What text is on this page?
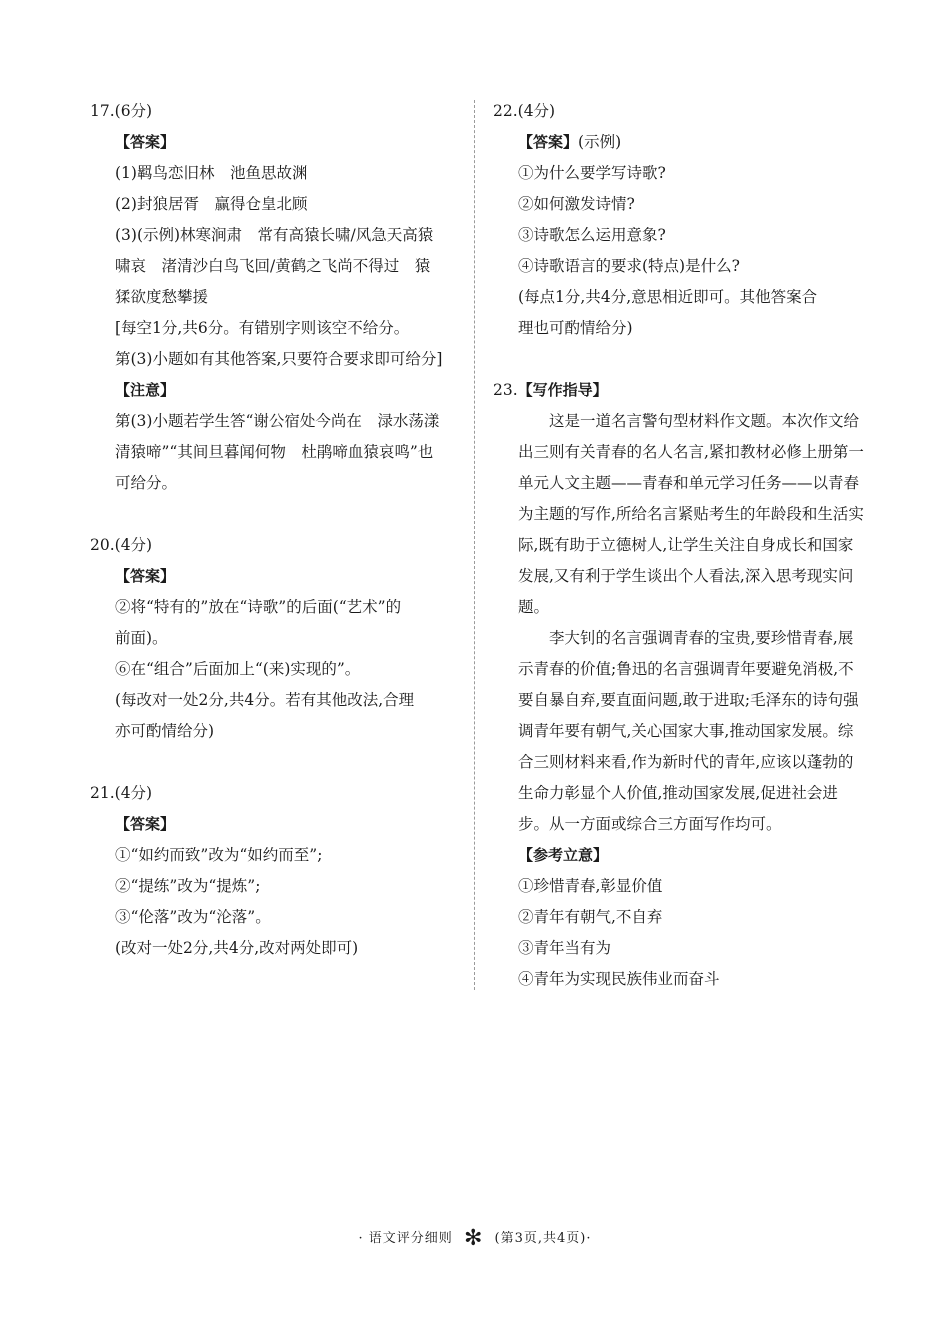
17.(6分)
【答案】
(1)羁鸟恋旧林　池鱼思故渊
(2)封狼居胥　赢得仓皇北顾
(3)(示例)林寒涧肃　常有高猿长啸/风急天高猿
啸哀　渚清沙白鸟飞回/黄鹤之飞尚不得过　猿
猱欲度愁攀援
[每空1分,共6分。有错别字则该空不给分。
第(3)小题如有其他答案,只要符合要求即可给分]
【注意】
第(3)小题若学生答“谢公宿处今尚在　渌水荡漾
清猿啼”“其间旦暮闻何物　杜鹃啼血猿哀鸣”也
可给分。
20.(4分)
【答案】
②将“特有的”放在“诗歌”的后面(“艺术”的
前面)。
⑥在“组合”后面加上“(来)实现的”。
(每改对一处2分,共4分。若有其他改法,合理
亦可酌情给分)
21.(4分)
【答案】
①“如约而致”改为“如约而至”;
②“提练”改为“提炼”;
③“伦落”改为“沦落”。
(改对一处2分,共4分,改对两处即可)
22.(4分)
【答案】(示例)
①为什么要学写诗歌?
②如何激发诗情?
③诗歌怎么运用意象?
④诗歌语言的要求(特点)是什么?
(每点1分,共4分,意思相近即可。其他答案合
理也可酌情给分)
23.【写作指导】

这是一道名言警句型材料作文题。本次作文给出三则有关青春的名人名言,紧扣教材必修上册第一单元人文主题——青春和单元学习任务——以青春为主题的写作,所给名言紧贴考生的年龄段和生活实际,既有助于立德树人,让学生关注自身成长和国家发展,又有利于学生谈出个人看法,深入思考现实问题。

李大钊的名言强调青春的宝贵,要珍惜青春,展示青春的价值;鲁迅的名言强调青年要避免消极,不要自暴自弃,要直面问题,敢于进取;毛泽东的诗句强调青年要有朝气,关心国家大事,推动国家发展。综合三则材料来看,作为新时代的青年,应该以蓬勃的生命力彰显个人价值,推动国家发展,促进社会进步。从一方面或综合三方面写作均可。

【参考立意】
①珍惜青春,彰显价值
②青年有朝气,不自弃
③青年当有为
④青年为实现民族伟业而奋斗
· 语文评分细则 ✻ (第3页,共4页)·
